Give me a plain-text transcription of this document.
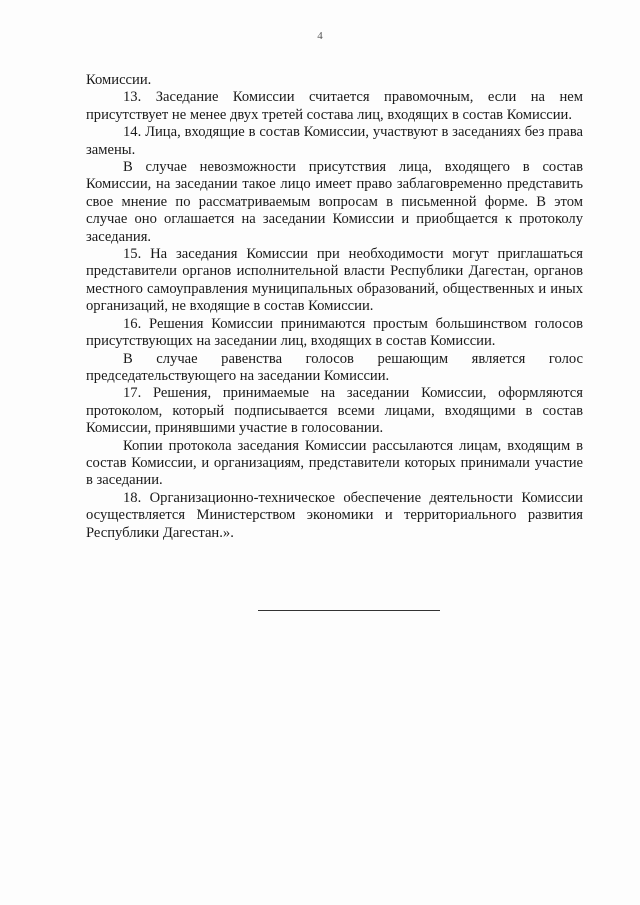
4

Комиссии.

13. Заседание Комиссии считается правомочным, если на нем присутствует не менее двух третей состава лиц, входящих в состав Комиссии.

14. Лица, входящие в состав Комиссии, участвуют в заседаниях без права замены.

В случае невозможности присутствия лица, входящего в состав Комиссии, на заседании такое лицо имеет право заблаговременно представить свое мнение по рассматриваемым вопросам в письменной форме. В этом случае оно оглашается на заседании Комиссии и приобщается к протоколу заседания.

15. На заседания Комиссии при необходимости могут приглашаться представители органов исполнительной власти Республики Дагестан, органов местного самоуправления муниципальных образований, общественных и иных организаций, не входящие в состав Комиссии.

16. Решения Комиссии принимаются простым большинством голосов присутствующих на заседании лиц, входящих в состав Комиссии.

В случае равенства голосов решающим является голос председательствующего на заседании Комиссии.

17. Решения, принимаемые на заседании Комиссии, оформляются протоколом, который подписывается всеми лицами, входящими в состав Комиссии, принявшими участие в голосовании.

Копии протокола заседания Комиссии рассылаются лицам, входящим в состав Комиссии, и организациям, представители которых принимали участие в заседании.

18. Организационно-техническое обеспечение деятельности Комиссии осуществляется Министерством экономики и территориального развития Республики Дагестан.».
